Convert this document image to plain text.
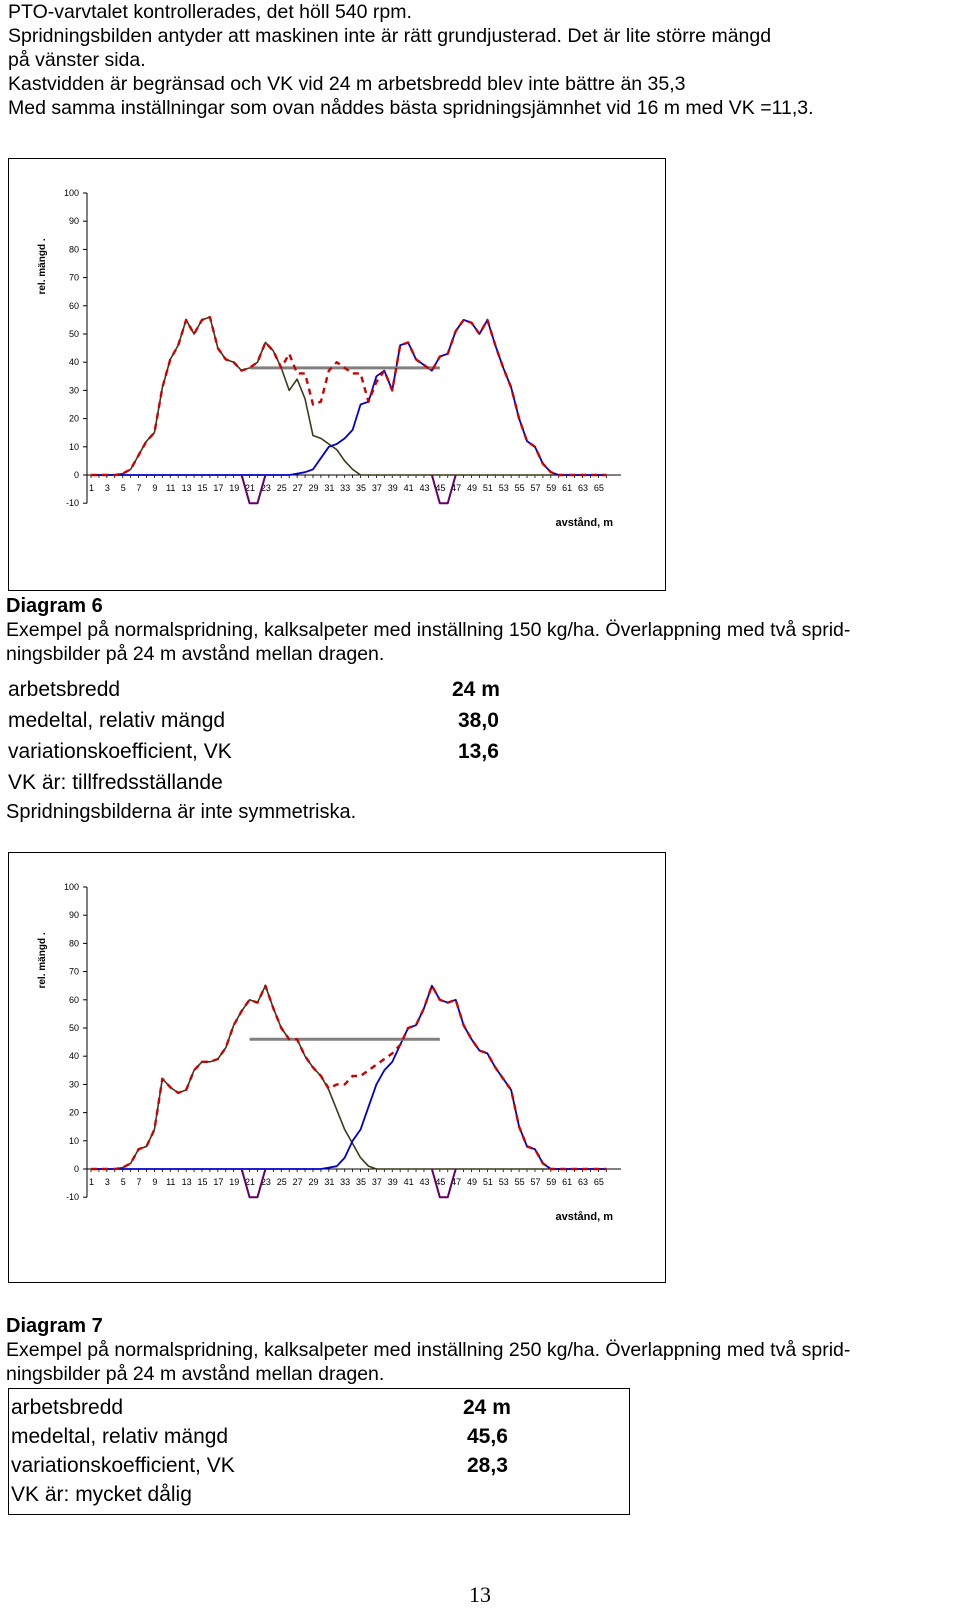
PTO-varvtalet kontrollerades, det höll 540 rpm.
Spridningsbilden antyder att maskinen inte är rätt grundjusterad. Det är lite större mängd
på vänster sida.
Kastvidden är begränsad och VK vid 24 m arbetsbredd blev inte bättre än 35,3
Med samma inställningar som ovan nåddes bästa spridningsjämnhet vid 16 m med VK =11,3.
-10
0
10
20
30
40
50
60
70
80
90
100
1 3 5 7 9 11 13 15 17 19 21 23 25 27 29 31 33 35 37 39 41 43 45 47 49 51 53 55 57 59 61 63 65
rel. mängd .
avstånd, m
Diagram 6
Exempel på normalspridning, kalksalpeter med inställning 150 kg/ha. Överlappning med två sprid-
ningsbilder på 24 m avstånd mellan dragen.
arbetsbredd	24 m
medeltal, relativ mängd	38,0
variationskoefficient, VK	13,6
VK är: tillfredsställande
Spridningsbilderna är inte symmetriska.
-10
0
10
20
30
40
50
60
70
80
90
100
1 3 5 7 9 11 13 15 17 19 21 23 25 27 29 31 33 35 37 39 41 43 45 47 49 51 53 55 57 59 61 63 65
rel. mängd .
avstånd, m
Diagram 7
Exempel på normalspridning, kalksalpeter med inställning 250 kg/ha. Överlappning med två sprid-
ningsbilder på 24 m avstånd mellan dragen.
arbetsbredd	24 m
medeltal, relativ mängd	45,6
variationskoefficient, VK	28,3
VK är: mycket dålig
13
